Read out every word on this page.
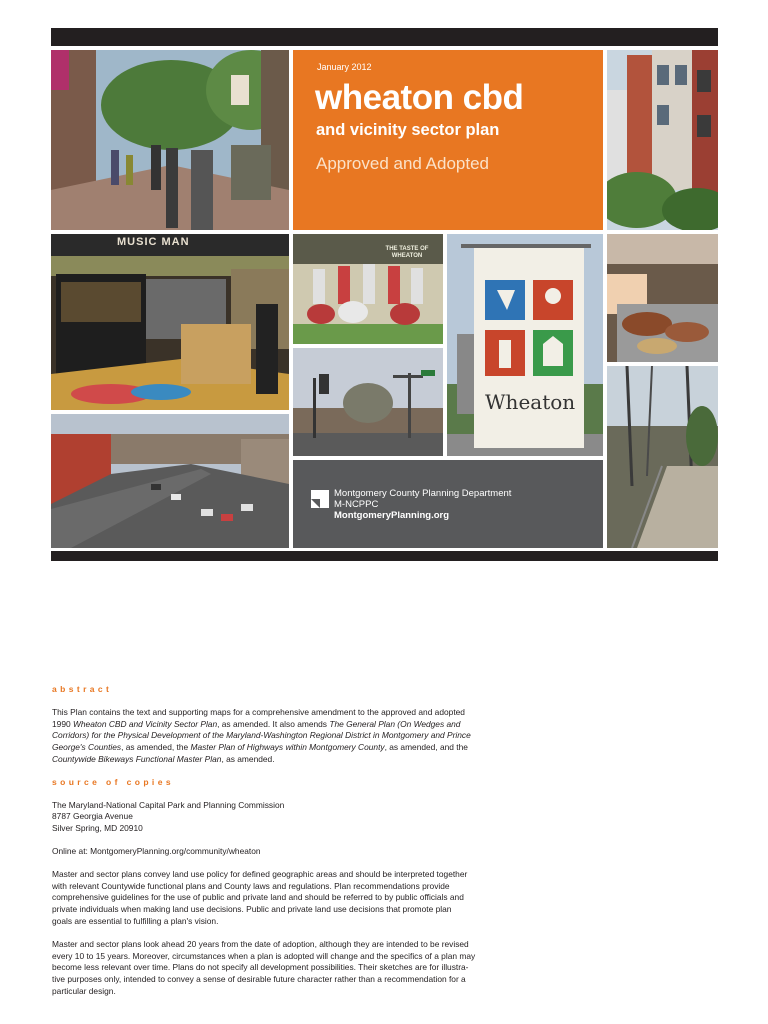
January 2012
wheaton cbd
and vicinity sector plan
Approved and Adopted
MUSIC MAN
THE TASTE OF WHEATON
Wheaton
Montgomery County Planning Department
M-NCPPC
MontgomeryPlanning.org
abstract

This Plan contains the text and supporting maps for a comprehensive amendment to the approved and adopted
1990 Wheaton CBD and Vicinity Sector Plan, as amended. It also amends The General Plan (On Wedges and
Corridors) for the Physical Development of the Maryland-Washington Regional District in Montgomery and Prince
George's Counties, as amended, the Master Plan of Highways within Montgomery County, as amended, and the
Countywide Bikeways Functional Master Plan, as amended.

source of copies

The Maryland-National Capital Park and Planning Commission
8787 Georgia Avenue
Silver Spring, MD 20910

Online at: MontgomeryPlanning.org/community/wheaton

Master and sector plans convey land use policy for defined geographic areas and should be interpreted together
with relevant Countywide functional plans and County laws and regulations. Plan recommendations provide
comprehensive guidelines for the use of public and private land and should be referred to by public officials and
private individuals when making land use decisions. Public and private land use decisions that promote plan
goals are essential to fulfilling a plan's vision.

Master and sector plans look ahead 20 years from the date of adoption, although they are intended to be revised
every 10 to 15 years. Moreover, circumstances when a plan is adopted will change and the specifics of a plan may
become less relevant over time. Plans do not specify all development possibilities. Their sketches are for illustra-
tive purposes only, intended to convey a sense of desirable future character rather than a recommendation for a
particular design.
